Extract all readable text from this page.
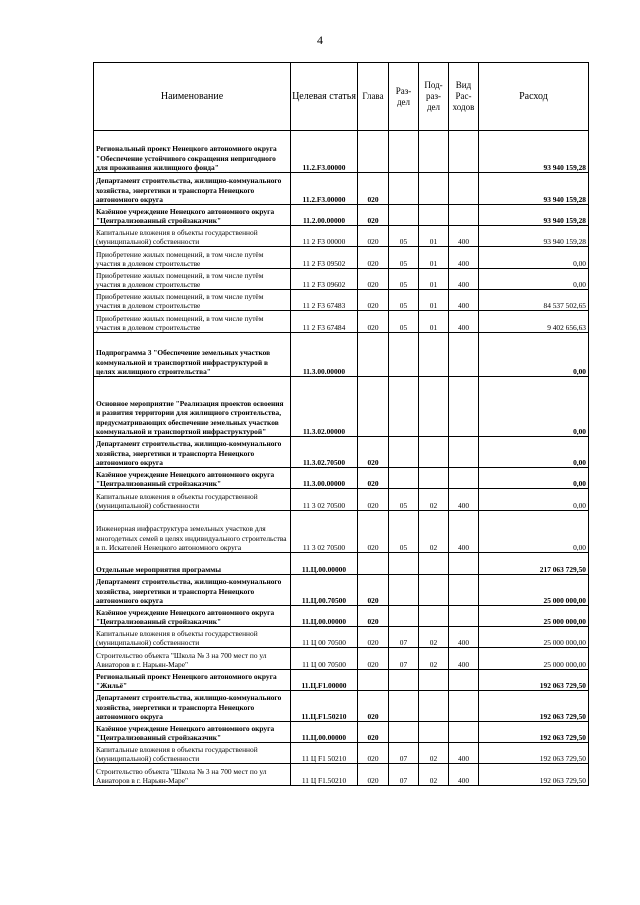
4
Наименование	Целевая статья	Глава	Раз-дел	Под-раз-дел	Вид Рас-ходов	Расход
Региональный проект Ненецкого автономного округа "Обеспечение устойчивого сокращения непригодного для проживания жилищного фонда"	11.2.F3.00000					93 940 159,28
Департамент строительства, жилищно-коммунального хозяйства, энергетики и транспорта Ненецкого автономного округа	11.2.F3.00000	020				93 940 159,28
Казённое учреждение Ненецкого автономного округа "Централизованный стройзаказчик"	11.2.00.00000	020				93 940 159,28
Капитальные вложения в объекты государственной (муниципальной) собственности	11 2 F3 00000	020	05	01	400	93 940 159,28
Приобретение жилых помещений, в том числе путём участия в долевом строительстве	11 2 F3 09502	020	05	01	400	0,00
Приобретение жилых помещений, в том числе путём участия в долевом строительстве	11 2 F3 09602	020	05	01	400	0,00
Приобретение жилых помещений, в том числе путём участия в долевом строительстве	11 2 F3 67483	020	05	01	400	84 537 502,65
Приобретение жилых помещений, в том числе путём участия в долевом строительстве	11 2 F3 67484	020	05	01	400	9 402 656,63
Подпрограмма 3 "Обеспечение земельных участков коммунальной и транспортной инфраструктурой в целях жилищного строительства"	11.3.00.00000					0,00
Основное мероприятие "Реализация проектов освоения и развития территории для жилищного строительства, предусматривающих обеспечение земельных участков коммунальной и транспортной инфраструктурой"	11.3.02.00000					0,00
Департамент строительства, жилищно-коммунального хозяйства, энергетики и транспорта Ненецкого автономного округа	11.3.02.70500	020				0,00
Казённое учреждение Ненецкого автономного округа "Централизованный стройзаказчик"	11.3.00.00000	020				0,00
Капитальные вложения в объекты государственной (муниципальной) собственности	11 3 02 70500	020	05	02	400	0,00
Инженерная инфраструктура земельных участков для многодетных семей в целях индивидуального строительства в п. Искателей Ненецкого автономного округа	11 3 02 70500	020	05	02	400	0,00
Отдельные мероприятия программы	11.Ц.00.00000					217 063 729,50
Департамент строительства, жилищно-коммунального хозяйства, энергетики и транспорта Ненецкого автономного округа	11.Ц.00.70500	020				25 000 000,00
Казённое учреждение Ненецкого автономного округа "Централизованный стройзаказчик"	11.Ц.00.00000	020				25 000 000,00
Капитальные вложения в объекты государственной (муниципальной) собственности	11 Ц 00 70500	020	07	02	400	25 000 000,00
Строительство объекта "Школа № 3 на 700 мест по ул Авиаторов в г. Нарьян-Маре"	11 Ц 00 70500	020	07	02	400	25 000 000,00
Региональный проект Ненецкого автономного округа "Жильё"	11.Ц.F1.00000					192 063 729,50
Департамент строительства, жилищно-коммунального хозяйства, энергетики и транспорта Ненецкого автономного округа	11.Ц.F1.50210	020				192 063 729,50
Казённое учреждение Ненецкого автономного округа "Централизованный стройзаказчик"	11.Ц.00.00000	020				192 063 729,50
Капитальные вложения в объекты государственной (муниципальной) собственности	11 Ц F1 50210	020	07	02	400	192 063 729,50
Строительство объекта "Школа № 3 на 700 мест по ул Авиаторов в г. Нарьян-Маре"	11 Ц F1.50210	020	07	02	400	192 063 729,50
